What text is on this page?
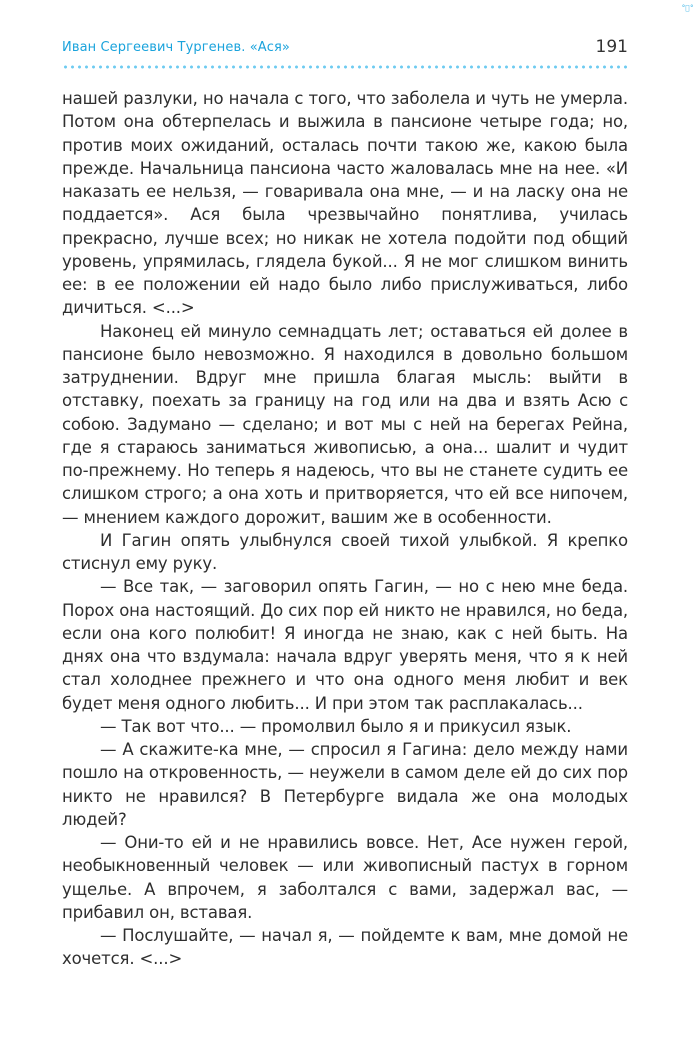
°ঃ°
Иван Сергеевич Тургенев. «Ася»	191

нашей разлуки, но начала с того, что заболела и чуть не умерла. Потом она обтерпелась и выжила в пансионе четыре года; но, против моих ожиданий, осталась почти такою же, какою была прежде. Начальница пансиона часто жаловалась мне на нее. «И наказать ее нельзя, — говаривала она мне, — и на ласку она не поддается». Ася была чрезвычайно понятлива, училась прекрасно, лучше всех; но никак не хотела подойти под общий уровень, упрямилась, глядела букой... Я не мог слишком винить ее: в ее положении ей надо было либо прислуживаться, либо дичиться. <...>

Наконец ей минуло семнадцать лет; оставаться ей долее в пансионе было невозможно. Я находился в довольно большом затруднении. Вдруг мне пришла благая мысль: выйти в отставку, поехать за границу на год или на два и взять Асю с собою. Задумано — сделано; и вот мы с ней на берегах Рейна, где я стараюсь заниматься живописью, а она... шалит и чудит по-прежнему. Но теперь я надеюсь, что вы не станете судить ее слишком строго; а она хоть и притворяется, что ей все нипочем, — мнением каждого дорожит, вашим же в особенности.

И Гагин опять улыбнулся своей тихой улыбкой. Я крепко стиснул ему руку.

— Все так, — заговорил опять Гагин, — но с нею мне беда. Порох она настоящий. До сих пор ей никто не нравился, но беда, если она кого полюбит! Я иногда не знаю, как с ней быть. На днях она что вздумала: начала вдруг уверять меня, что я к ней стал холоднее прежнего и что она одного меня любит и век будет меня одного любить... И при этом так расплакалась...

— Так вот что... — промолвил было я и прикусил язык.

— А скажите-ка мне, — спросил я Гагина: дело между нами пошло на откровенность, — неужели в самом деле ей до сих пор никто не нравился? В Петербурге видала же она молодых людей?

— Они-то ей и не нравились вовсе. Нет, Асе нужен герой, необыкновенный человек — или живописный пастух в горном ущелье. А впрочем, я заболтался с вами, задержал вас, — прибавил он, вставая.

— Послушайте, — начал я, — пойдемте к вам, мне домой не хочется. <...>
